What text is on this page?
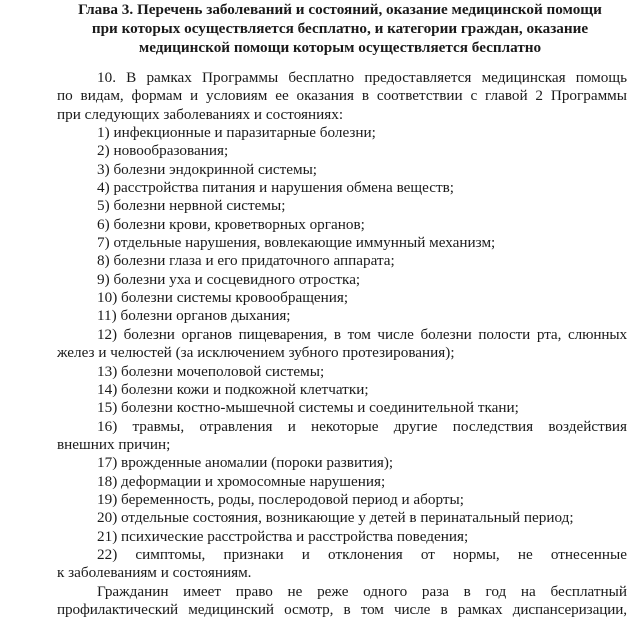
Глава 3. Перечень заболеваний и состояний, оказание медицинской помощи
при которых осуществляется бесплатно, и категории граждан, оказание
медицинской помощи которым осуществляется бесплатно
10. В рамках Программы бесплатно предоставляется медицинская помощь
по видам, формам и условиям ее оказания в соответствии с главой 2 Программы
при следующих заболеваниях и состояниях:
1) инфекционные и паразитарные болезни;
2) новообразования;
3) болезни эндокринной системы;
4) расстройства питания и нарушения обмена веществ;
5) болезни нервной системы;
6) болезни крови, кроветворных органов;
7) отдельные нарушения, вовлекающие иммунный механизм;
8) болезни глаза и его придаточного аппарата;
9) болезни уха и сосцевидного отростка;
10) болезни системы кровообращения;
11) болезни органов дыхания;
12) болезни органов пищеварения, в том числе болезни полости рта, слюнных
желез и челюстей (за исключением зубного протезирования);
13) болезни мочеполовой системы;
14) болезни кожи и подкожной клетчатки;
15) болезни костно-мышечной системы и соединительной ткани;
16) травмы, отравления и некоторые другие последствия воздействия
внешних причин;
17) врожденные аномалии (пороки развития);
18) деформации и хромосомные нарушения;
19) беременность, роды, послеродовой период и аборты;
20) отдельные состояния, возникающие у детей в перинатальный период;
21) психические расстройства и расстройства поведения;
22) симптомы, признаки и отклонения от нормы, не отнесенные
к заболеваниям и состояниям.
Гражданин имеет право не реже одного раза в год на бесплатный
профилактический медицинский осмотр, в том числе в рамках диспансеризации,
